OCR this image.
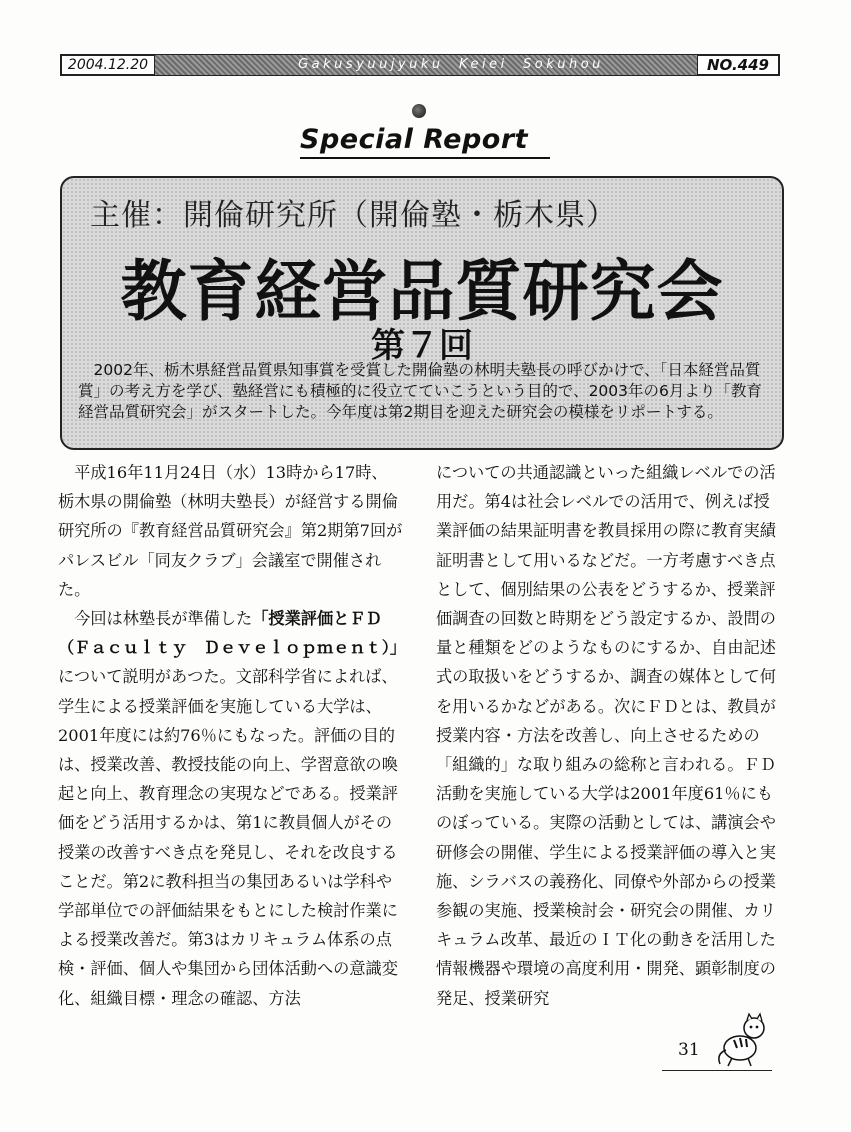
2004.12.20	Gakusyuujyuku  Keiei  Sokuhou	NO.449
Special Report
主催：開倫研究所（開倫塾・栃木県）
教育経営品質研究会
第７回
2002年、栃木県経営品質県知事賞を受賞した開倫塾の林明夫塾長の呼びかけで、「日本経営品質賞」の考え方を学び、塾経営にも積極的に役立てていこうという目的で、2003年の6月より「教育経営品質研究会」がスタートした。今年度は第2期目を迎えた研究会の模様をリポートする。

平成16年11月24日（水）13時から17時、栃木県の開倫塾（林明夫塾長）が経営する開倫研究所の『教育経営品質研究会』第2期第7回がパレスビル「同友クラブ」会議室で開催された。

今回は林塾長が準備した「授業評価とＦＤ（Ｆａｃｕｌｔｙ　Ｄｅｖｅｌｏｐｍｅｎｔ）」について説明があつた。文部科学省によれば、学生による授業評価を実施している大学は、2001年度には約76％にもなった。評価の目的は、授業改善、教授技能の向上、学習意欲の喚起と向上、教育理念の実現などである。授業評価をどう活用するかは、第1に教員個人がその授業の改善すべき点を発見し、それを改良することだ。第2に教科担当の集団あるいは学科や学部単位での評価結果をもとにした検討作業による授業改善だ。第3はカリキュラム体系の点検・評価、個人や集団から団体活動への意識変化、組織目標・理念の確認、方法

についての共通認識といった組織レベルでの活用だ。第4は社会レベルでの活用で、例えば授業評価の結果証明書を教員採用の際に教育実績証明書として用いるなどだ。一方考慮すべき点として、個別結果の公表をどうするか、授業評価調査の回数と時期をどう設定するか、設問の量と種類をどのようなものにするか、自由記述式の取扱いをどうするか、調査の媒体として何を用いるかなどがある。次にＦＤとは、教員が授業内容・方法を改善し、向上させるための「組織的」な取り組みの総称と言われる。ＦＤ活動を実施している大学は2001年度61％にものぼっている。実際の活動としては、講演会や研修会の開催、学生による授業評価の導入と実施、シラバスの義務化、同僚や外部からの授業参観の実施、授業検討会・研究会の開催、カリキュラム改革、最近のＩＴ化の動きを活用した情報機器や環境の高度利用・開発、顕彰制度の発足、授業研究

31
